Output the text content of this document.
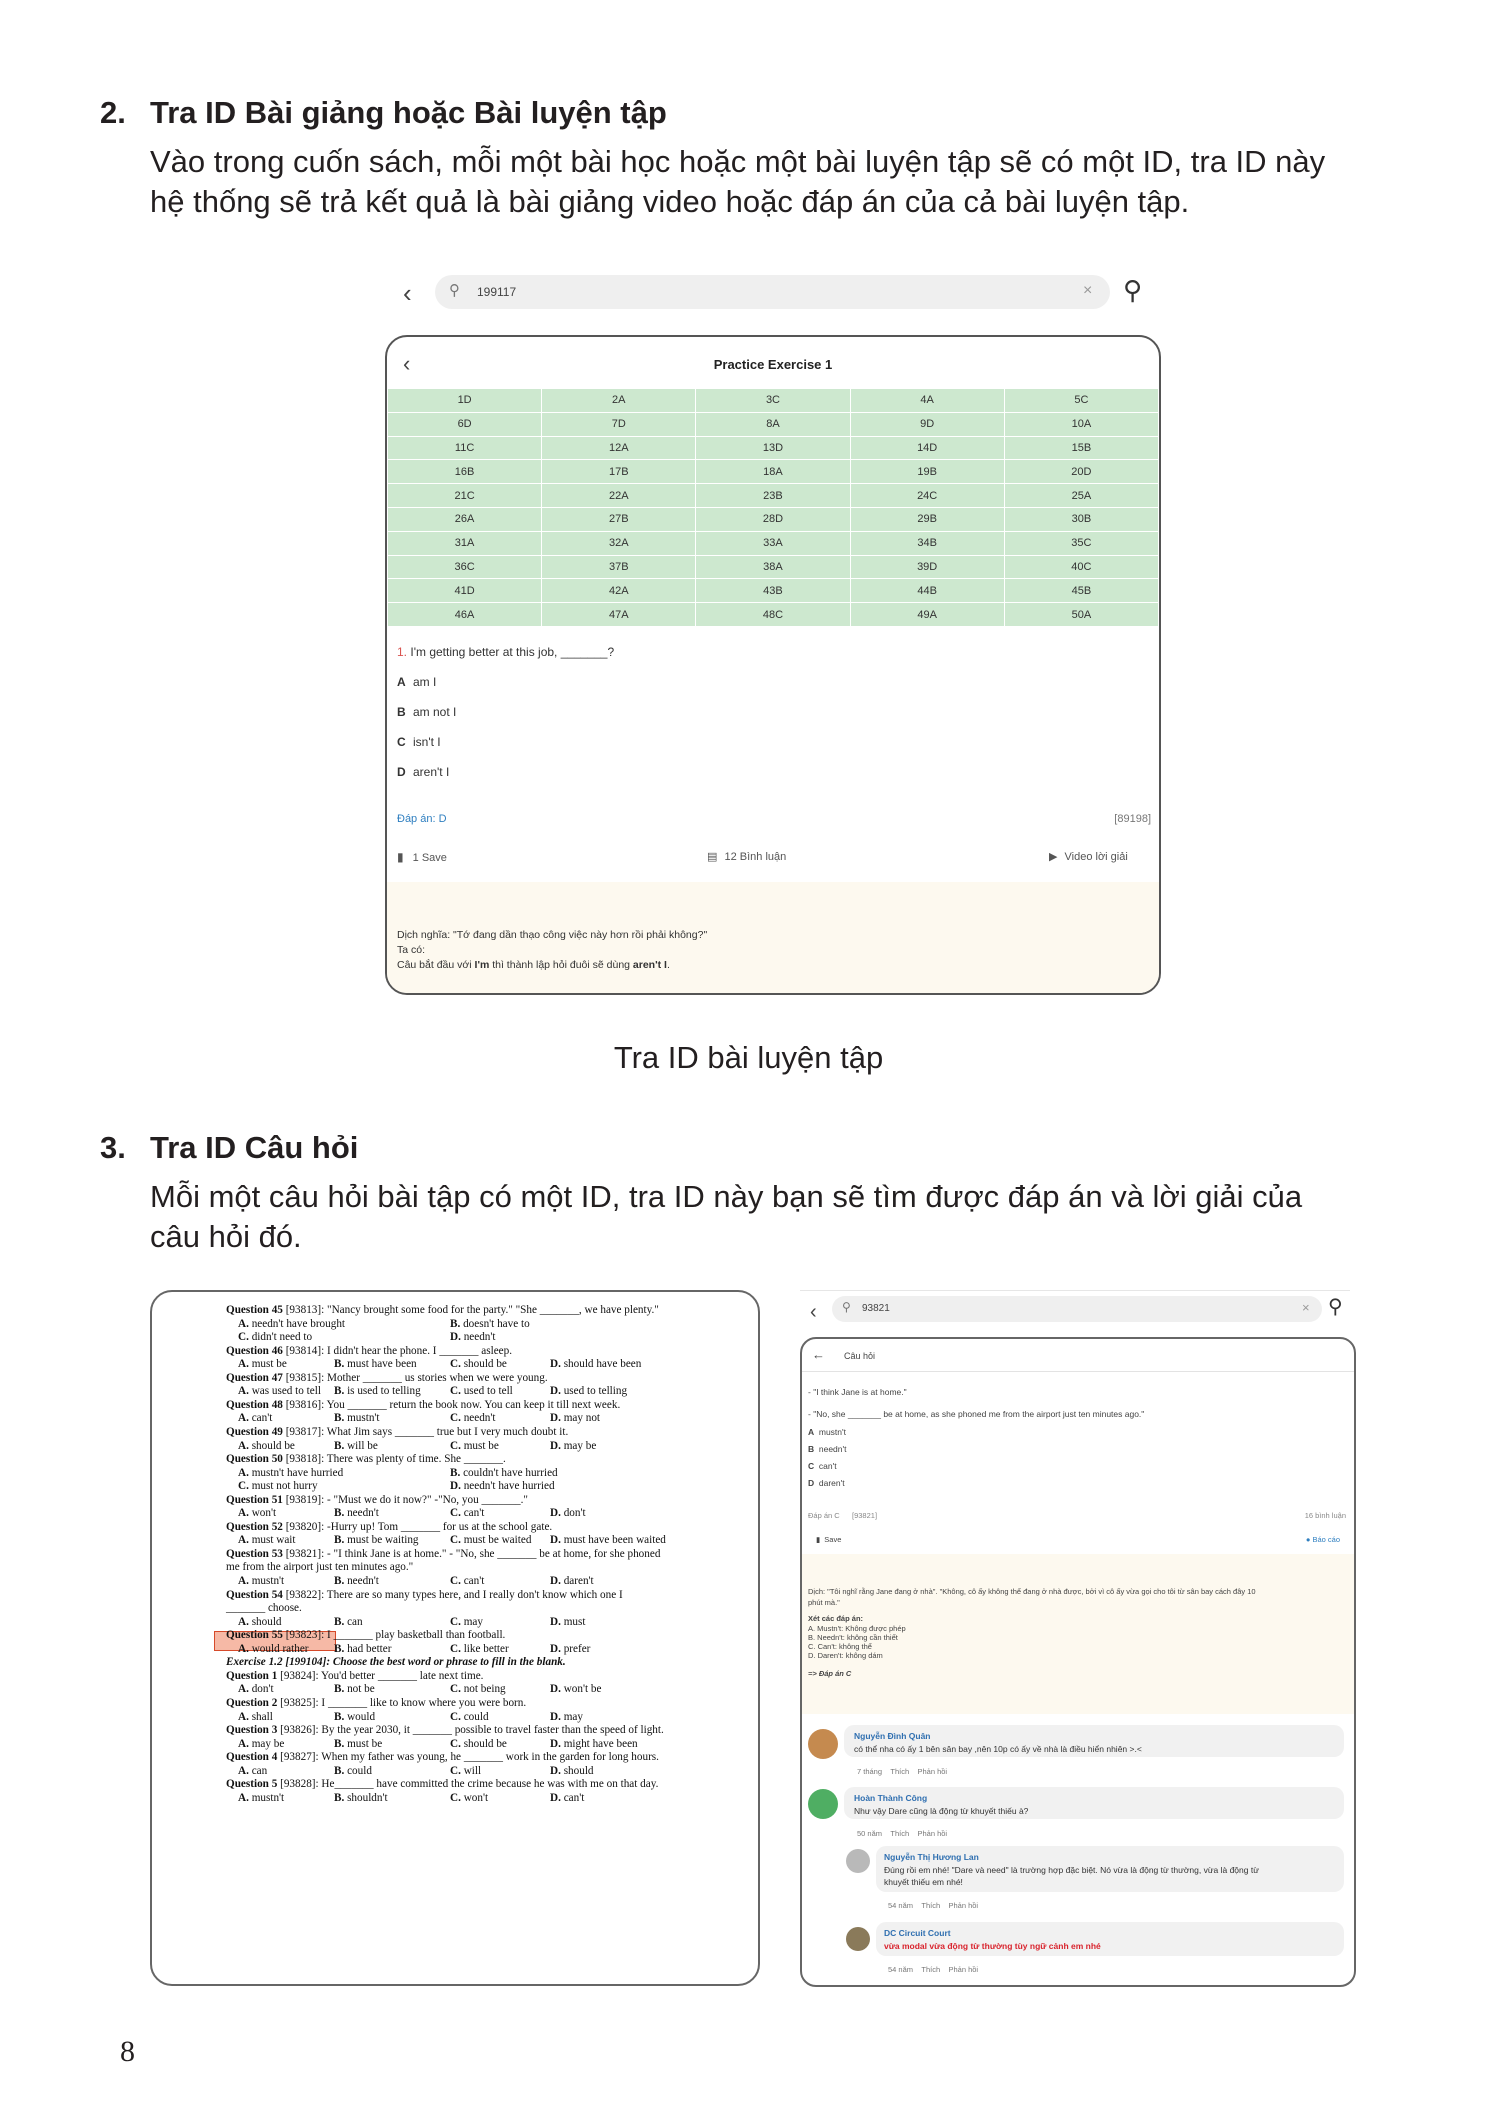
2. Tra ID Bài giảng hoặc Bài luyện tập
Vào trong cuốn sách, mỗi một bài học hoặc một bài luyện tập sẽ có một ID, tra ID này
hệ thống sẽ trả kết quả là bài giảng video hoặc đáp án của cả bài luyện tập.
‹ ⚲ 199117	× ⚲
‹	Practice Exercise 1
1D	2A	3C	4A	5C
6D	7D	8A	9D	10A
11C	12A	13D	14D	15B
16B	17B	18A	19B	20D
21C	22A	23B	24C	25A
26A	27B	28D	29B	30B
31A	32A	33A	34B	35C
36C	37B	38A	39D	40C
41D	42A	43B	44B	45B
46A	47A	48C	49A	50A
1. I'm getting better at this job, _______?
A am I
B am not I
C isn't I
D aren't I
Đáp án: D	[89198]
▮ 1 Save	▤ 12 Bình luận	▶ Video lời giải

Dịch nghĩa: "Tớ đang dần thạo công việc này hơn rồi phải không?"

Ta có:

Câu bắt đầu với I'm thì thành lập hỏi đuôi sẽ dùng aren't I.

Tra ID bài luyện tập
3. Tra ID Câu hỏi
Mỗi một câu hỏi bài tập có một ID, tra ID này bạn sẽ tìm được đáp án và lời giải của
câu hỏi đó.
Question 45 [93813]: "Nancy brought some food for the party." "She _______, we have plenty."
A. needn't have brought	B. doesn't have to
C. didn't need to	D. needn't
Question 46 [93814]: I didn't hear the phone. I _______ asleep.
A. must be	B. must have been	C. should be	D. should have been
Question 47 [93815]: Mother _______ us stories when we were young.
A. was used to tell B. is used to telling	C. used to tell	D. used to telling
Question 48 [93816]: You _______ return the book now. You can keep it till next week.
A. can't	B. mustn't	C. needn't	D. may not
Question 49 [93817]: What Jim says _______ true but I very much doubt it.
A. should be	B. will be	C. must be	D. may be
Question 50 [93818]: There was plenty of time. She _______.
A. mustn't have hurried	B. couldn't have hurried
C. must not hurry	D. needn't have hurried
Question 51 [93819]: - "Must we do it now?" -"No, you _______."
A. won't	B. needn't	C. can't	D. don't
Question 52 [93820]: -Hurry up! Tom _______ for us at the school gate.
A. must wait	B. must be waiting	C. must be waited D. must have been waited
Question 53 [93821]: - "I think Jane is at home." - "No, she _______ be at home, for she phoned
me from the airport just ten minutes ago."
A. mustn't	B. needn't	C. can't	D. daren't
Question 54 [93822]: There are so many types here, and I really don't know which one I
_______ choose.
A. should	B. can	C. may	D. must
Question 55 [93823]: I _______ play basketball than football.
A. would rather B. had better	C. like better	D. prefer
Exercise 1.2 [199104]: Choose the best word or phrase to fill in the blank.
Question 1 [93824]: You'd better _______ late next time.
A. don't	B. not be	C. not being	D. won't be
Question 2 [93825]: I _______ like to know where you were born.
A. shall	B. would	C. could	D. may
Question 3 [93826]: By the year 2030, it _______ possible to travel faster than the speed of light.
A. may be	B. must be	C. should be	D. might have been
Question 4 [93827]: When my father was young, he _______ work in the garden for long hours.
A. can	B. could	C. will	D. should
Question 5 [93828]: He_______ have committed the crime because he was with me on that day.
A. mustn't	B. shouldn't	C. won't	D. can't
‹ ⚲ 93821	× ⚲
← Câu hỏi
- "I think Jane is at home."
- "No, she _______ be at home, as she phoned me from the airport just ten minutes ago."
A mustn't
B needn't
C can't
D daren't
Đáp án C [93821]	16 bình luận
▮  Save	● Báo cáo
Dịch: "Tôi nghĩ rằng Jane đang ở nhà". "Không, cô ấy không thể đang ở nhà được, bởi vì cô ấy vừa gọi cho tôi từ sân bay cách đây 10
phút mà."
Xét các đáp án:
A. Mustn't: Không được phép
B. Needn't: không cần thiết
C. Can't: không thể
D. Daren't: không dám
=> Đáp án C
Nguyễn Đình Quân
có thể nha có ấy 1 bên sân bay ,nên 10p có ấy về nhà là điều hiển nhiên >.<
7 tháng Thích Phản hồi
Hoàn Thành Công
Như vậy Dare cũng là động từ khuyết thiếu à?
50 năm Thích Phản hồi
Nguyễn Thị Hương Lan
Đúng rồi em nhé! "Dare và need" là trường hợp đặc biệt. Nó vừa là động từ thường, vừa là động từ
khuyết thiếu em nhé!
54 năm Thích Phản hồi
DC Circuit Court
vừa modal vừa động từ thường tùy ngữ cảnh em nhé
54 năm Thích Phản hồi
8
